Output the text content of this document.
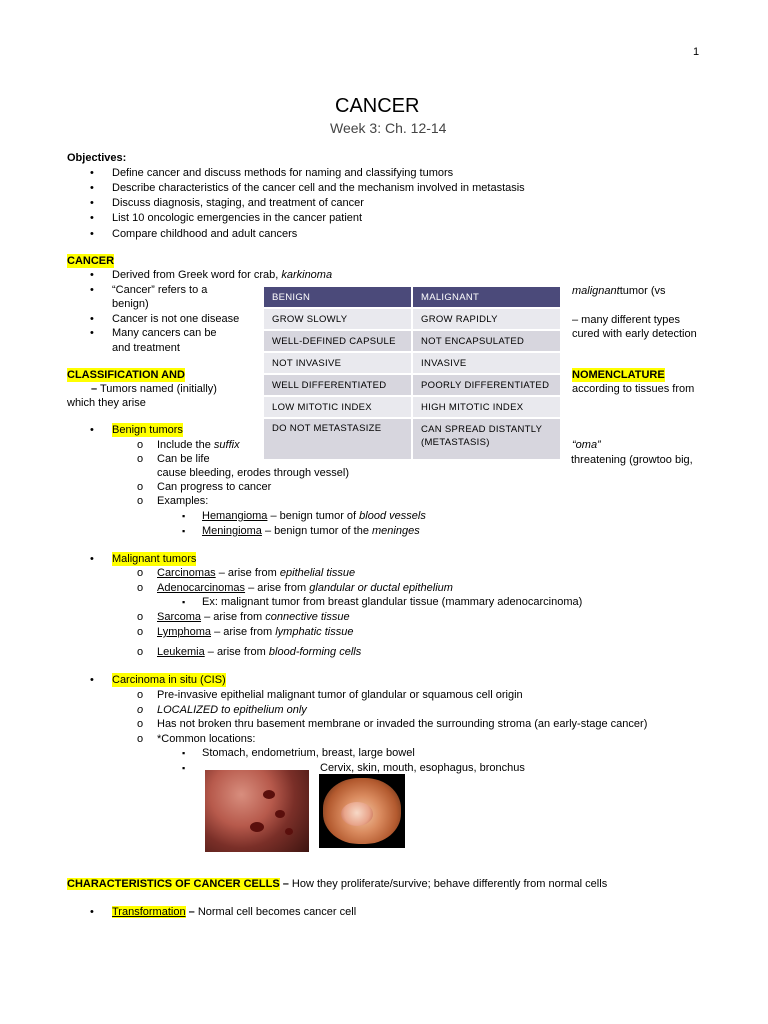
1
CANCER
Week 3: Ch. 12-14
Objectives:
• Define cancer and discuss methods for naming and classifying tumors
• Describe characteristics of the cancer cell and the mechanism involved in metastasis
• Discuss diagnosis, staging, and treatment of cancer
• List 10 oncologic emergencies in the cancer patient
• Compare childhood and adult cancers
CANCER
• Derived from Greek word for crab, karkinoma
• “Cancer” refers to a
benign)
malignanttumor (vs
• Cancer is not one disease	– many different types
• Many cancers can be	cured with early detection
and treatment
BENIGN	MALIGNANT
GROW SLOWLY	GROW RAPIDLY
WELL-DEFINED CAPSULE	NOT ENCAPSULATED
NOT INVASIVE	INVASIVE
WELL DIFFERENTIATED	POORLY DIFFERENTIATED
LOW MITOTIC INDEX	HIGH MITOTIC INDEX
DO NOT METASTASIZE	CAN SPREAD DISTANTLY (METASTASIS)
CLASSIFICATION AND	NOMENCLATURE
– Tumors named (initially)	according to tissues from
which they arise
• Benign tumors
o Include the suffix	“oma”
o Can be life	threatening (growtoo big,
cause bleeding, erodes through vessel)
o Can progress to cancer
o Examples:
▪ Hemangioma – benign tumor of blood vessels
▪ Meningioma – benign tumor of the meninges
• Malignant tumors
o Carcinomas – arise from epithelial tissue
o Adenocarcinomas – arise from glandular or ductal epithelium
▪ Ex: malignant tumor from breast glandular tissue (mammary adenocarcinoma)
o Sarcoma – arise from connective tissue
o Lymphoma – arise from lymphatic tissue
o Leukemia – arise from blood-forming cells
• Carcinoma in situ (CIS)
o Pre-invasive epithelial malignant tumor of glandular or squamous cell origin
o LOCALIZED to epithelium only
o Has not broken thru basement membrane or invaded the surrounding stroma (an early-stage cancer)
o *Common locations:
▪ Stomach, endometrium, breast, large bowel
▪	Cervix, skin, mouth, esophagus, bronchus
CHARACTERISTICS OF CANCER CELLS – How they proliferate/survive; behave differently from normal cells
• Transformation – Normal cell becomes cancer cell
